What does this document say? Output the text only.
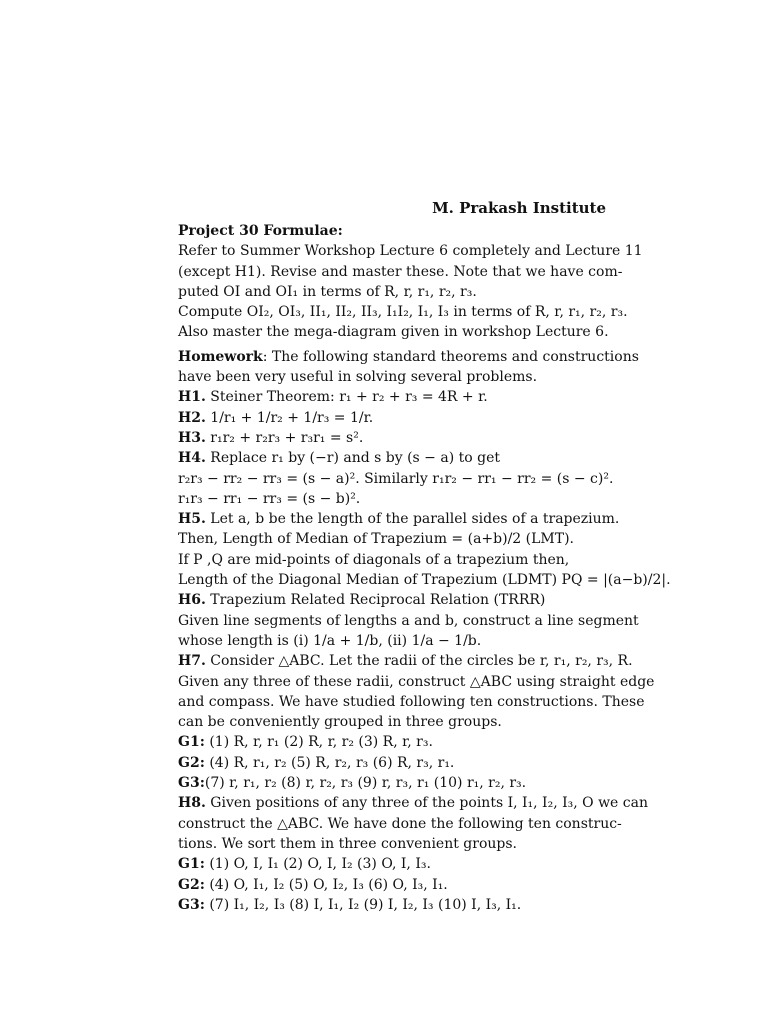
M. Prakash Institute
Project 30 Formulae:
Refer to Summer Workshop Lecture 6 completely and Lecture 11
(except H1). Revise and master these. Note that we have com-
puted OI and OI₁ in terms of R, r, r₁, r₂, r₃.
Compute OI₂, OI₃, II₁, II₂, II₃, I₁I₂, I₁, I₃ in terms of R, r, r₁, r₂, r₃.
Also master the mega-diagram given in workshop Lecture 6.
Homework: The following standard theorems and constructions
have been very useful in solving several problems.
H1. Steiner Theorem: r₁ + r₂ + r₃ = 4R + r.
H2. 1/r₁ + 1/r₂ + 1/r₃ = 1/r.
H3. r₁r₂ + r₂r₃ + r₃r₁ = s².
H4. Replace r₁ by (−r) and s by (s − a) to get
r₂r₃ − rr₂ − rr₃ = (s − a)². Similarly r₁r₂ − rr₁ − rr₂ = (s − c)².
r₁r₃ − rr₁ − rr₃ = (s − b)².
H5. Let a, b be the length of the parallel sides of a trapezium.
Then, Length of Median of Trapezium = (a+b)/2 (LMT).
If P ,Q are mid-points of diagonals of a trapezium then,
Length of the Diagonal Median of Trapezium (LDMT) PQ = |(a−b)/2|.
H6. Trapezium Related Reciprocal Relation (TRRR)
Given line segments of lengths a and b, construct a line segment
whose length is (i) 1/a + 1/b, (ii) 1/a − 1/b.
H7. Consider △ABC. Let the radii of the circles be r, r₁, r₂, r₃, R.
Given any three of these radii, construct △ABC using straight edge
and compass. We have studied following ten constructions. These
can be conveniently grouped in three groups.
G1: (1) R, r, r₁ (2) R, r, r₂ (3) R, r, r₃.
G2: (4) R, r₁, r₂ (5) R, r₂, r₃ (6) R, r₃, r₁.
G3:(7) r, r₁, r₂ (8) r, r₂, r₃ (9) r, r₃, r₁ (10) r₁, r₂, r₃.
H8. Given positions of any three of the points I, I₁, I₂, I₃, O we can
construct the △ABC. We have done the following ten construc-
tions. We sort them in three convenient groups.
G1: (1) O, I, I₁ (2) O, I, I₂ (3) O, I, I₃.
G2: (4) O, I₁, I₂ (5) O, I₂, I₃ (6) O, I₃, I₁.
G3: (7) I₁, I₂, I₃ (8) I, I₁, I₂ (9) I, I₂, I₃ (10) I, I₃, I₁.
